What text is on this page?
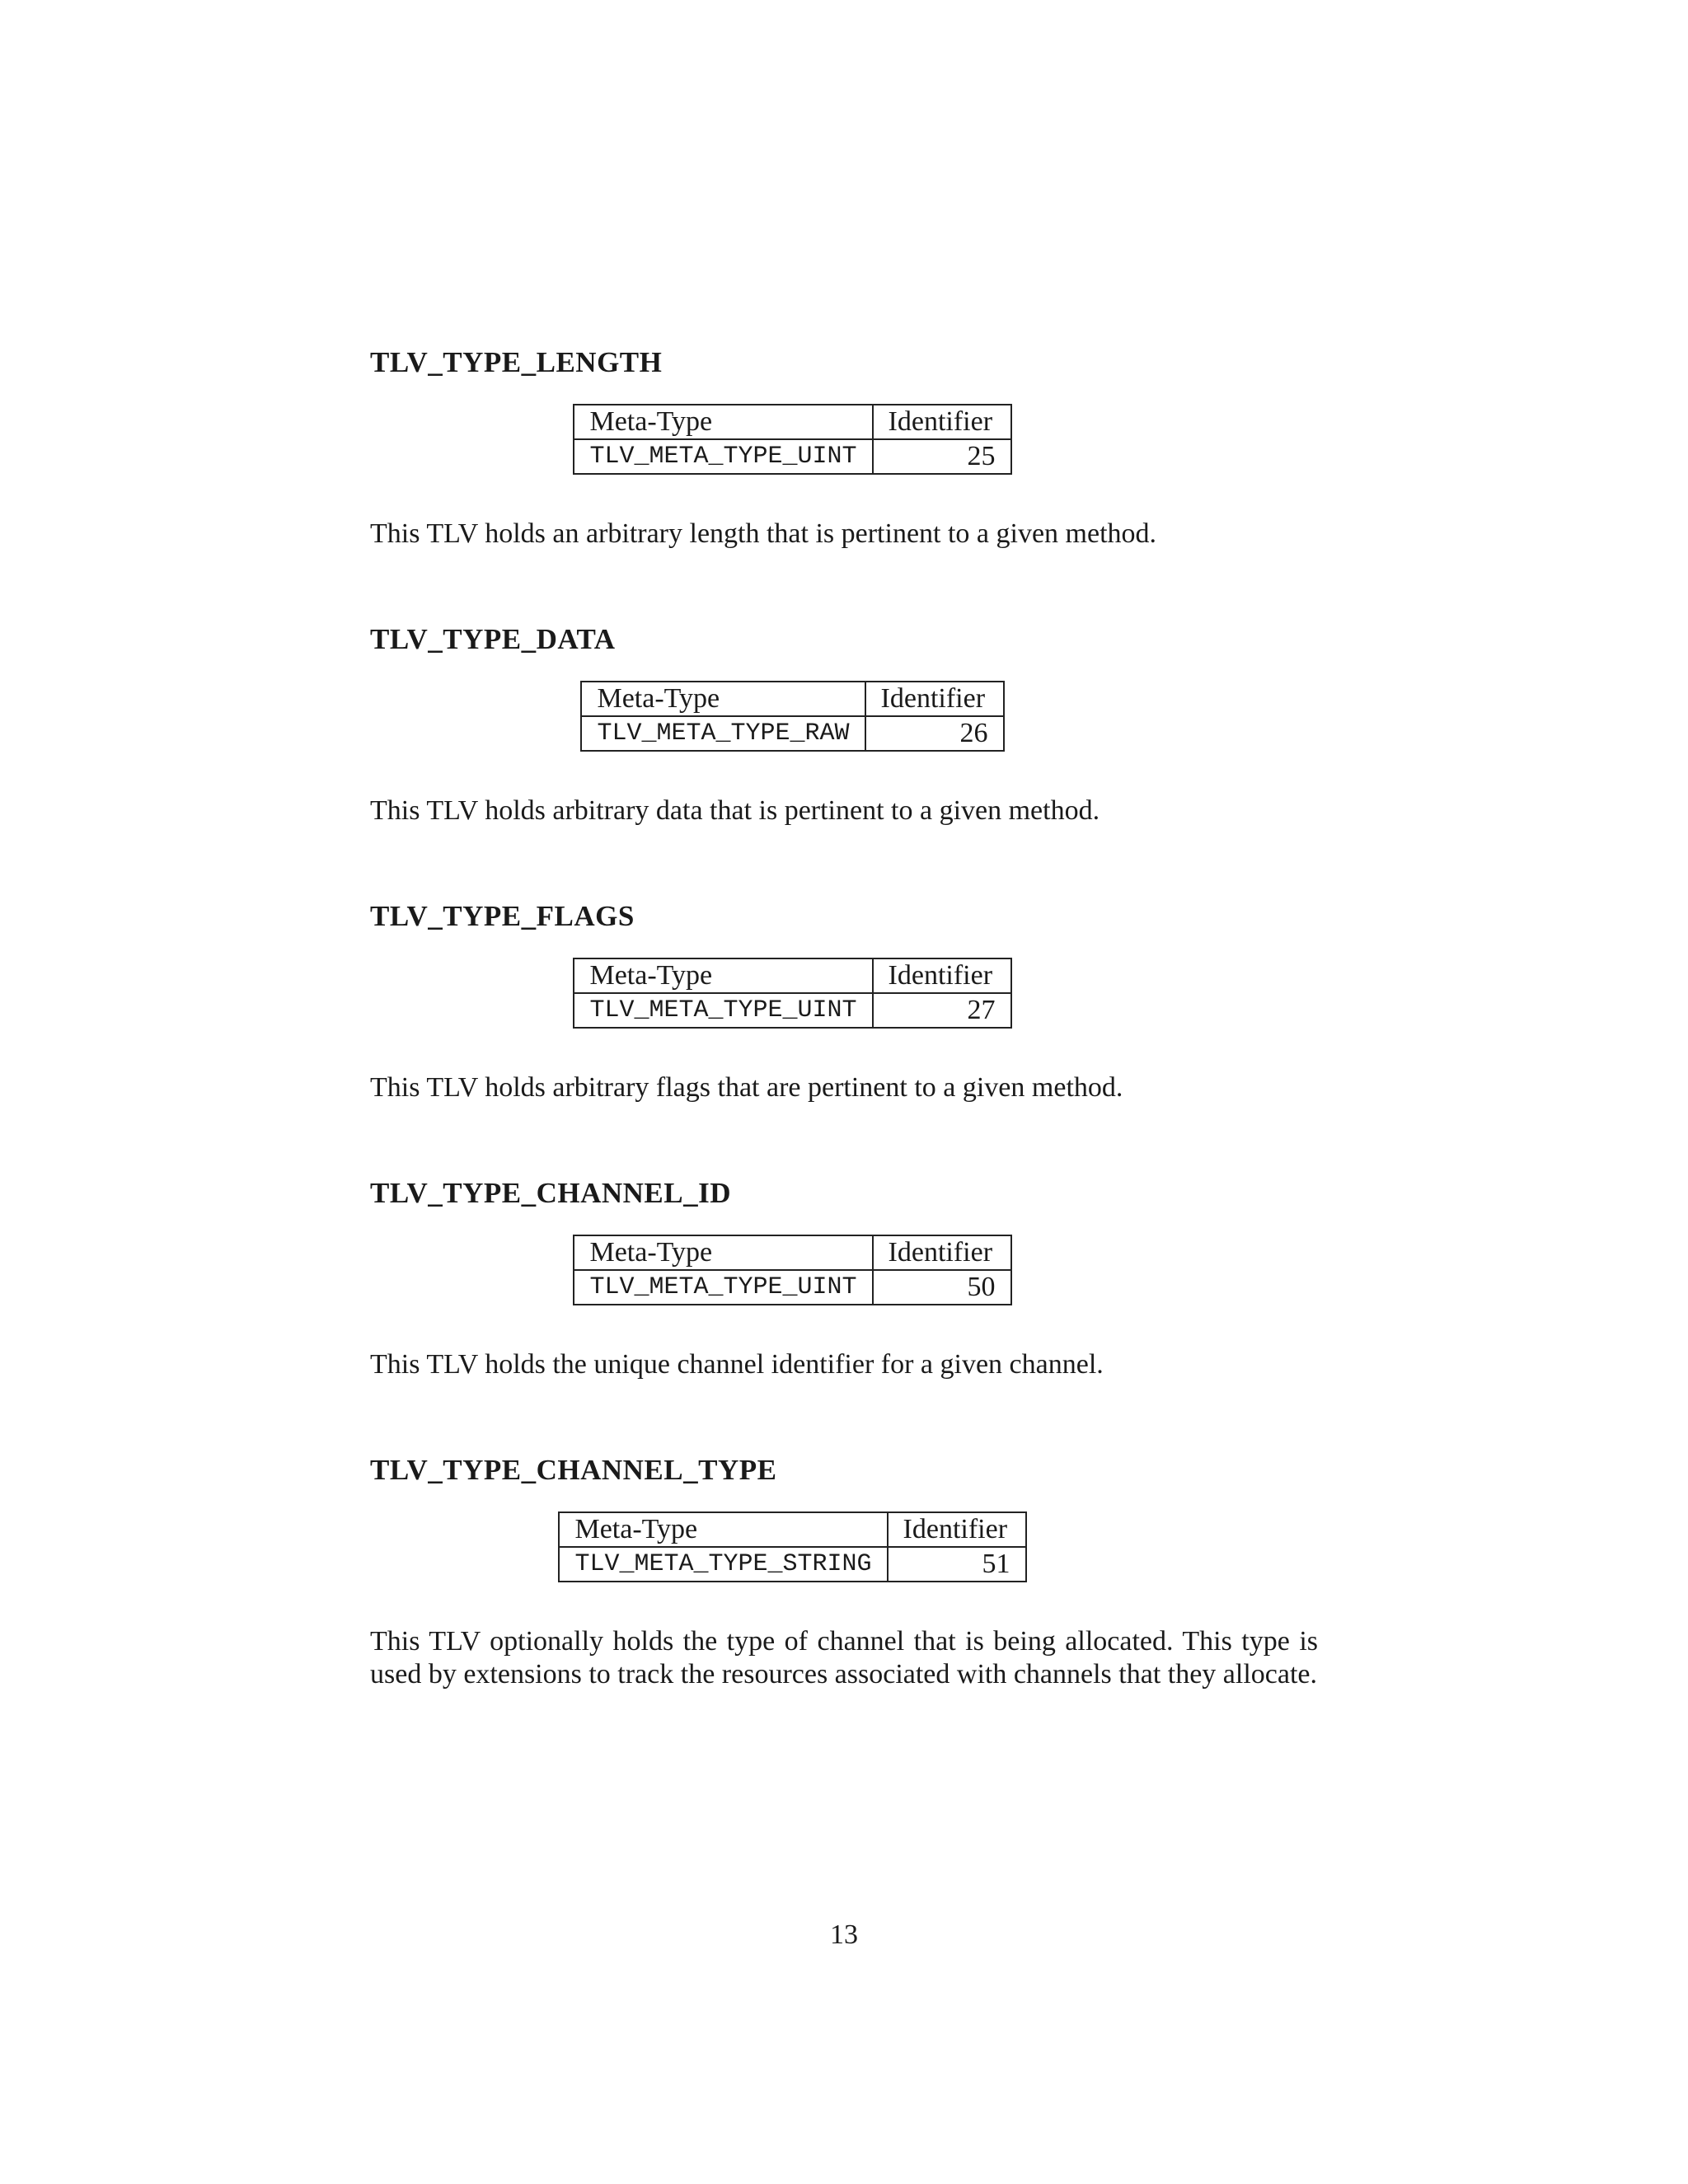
TLV_TYPE_LENGTH
Meta-Type	Identifier
TLV_META_TYPE_UINT	25

This TLV holds an arbitrary length that is pertinent to a given method.

TLV_TYPE_DATA
Meta-Type	Identifier
TLV_META_TYPE_RAW	26

This TLV holds arbitrary data that is pertinent to a given method.

TLV_TYPE_FLAGS
Meta-Type	Identifier
TLV_META_TYPE_UINT	27

This TLV holds arbitrary flags that are pertinent to a given method.

TLV_TYPE_CHANNEL_ID
Meta-Type	Identifier
TLV_META_TYPE_UINT	50

This TLV holds the unique channel identifier for a given channel.

TLV_TYPE_CHANNEL_TYPE
Meta-Type	Identifier
TLV_META_TYPE_STRING	51

This TLV optionally holds the type of channel that is being allocated. This type is used by extensions to track the resources associated with channels that they allocate.

13
